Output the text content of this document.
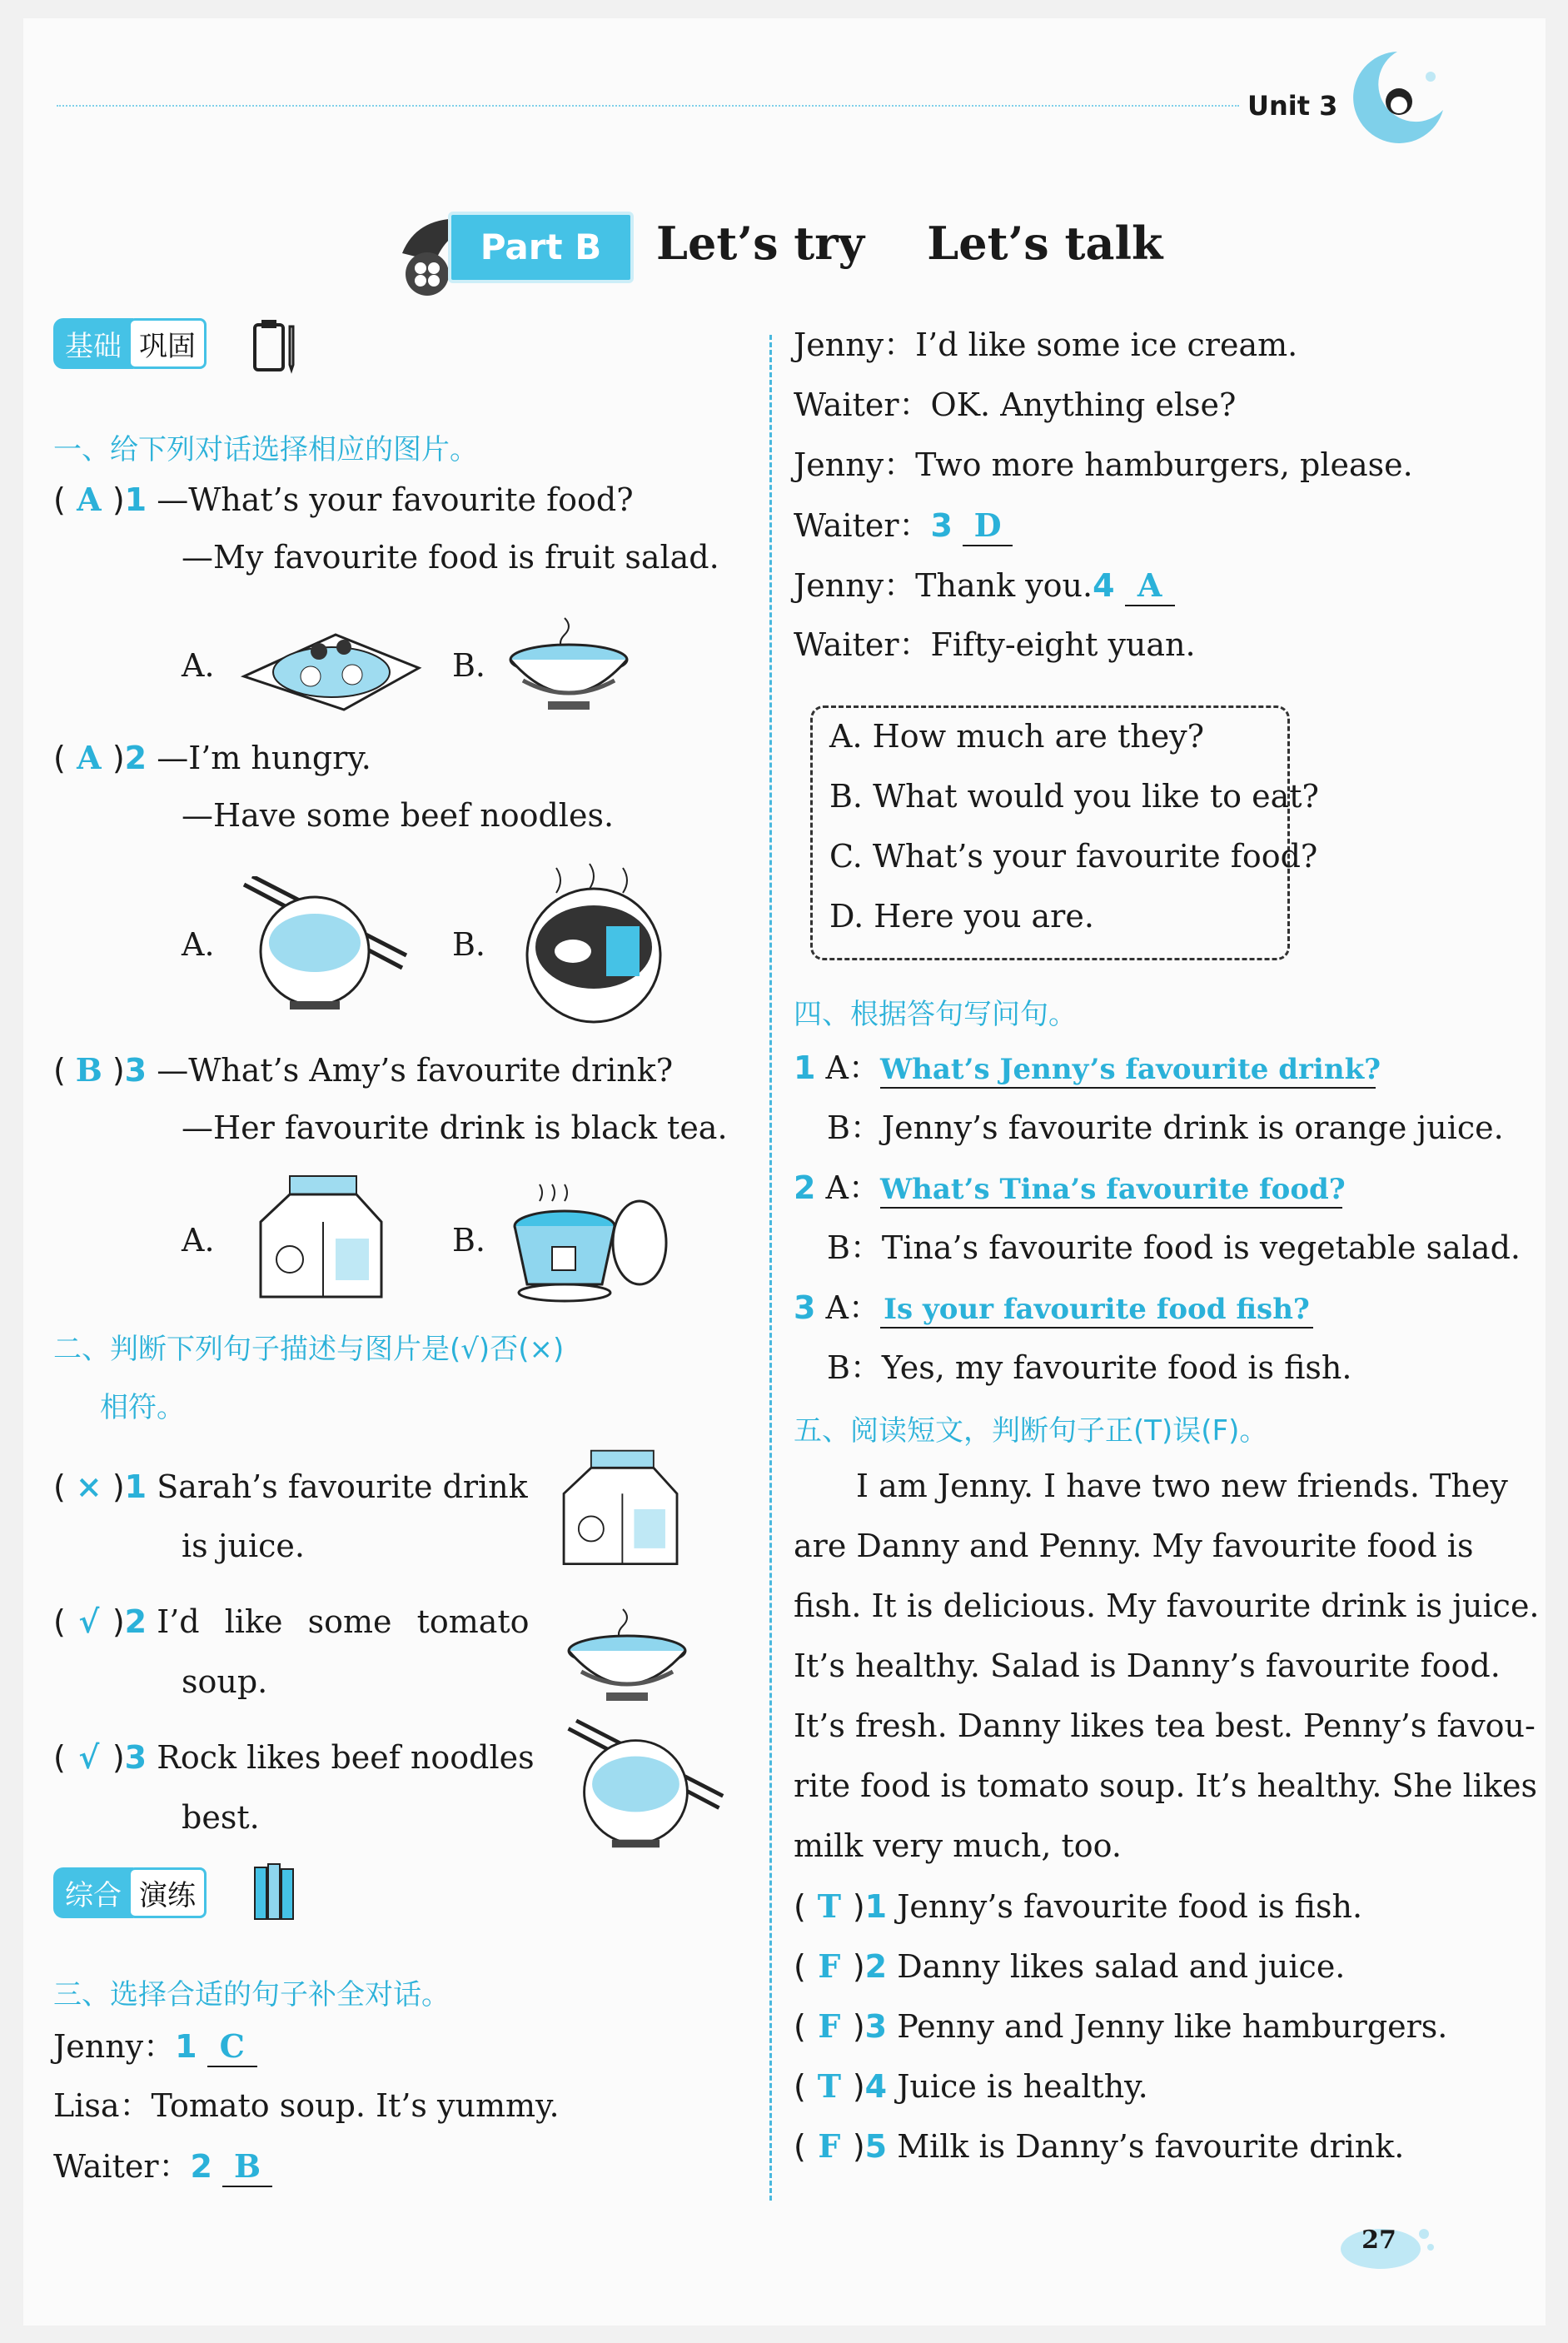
Unit 3
Part B	Let’s try    Let’s talk
基础 巩固
一、给下列对话选择相应的图片。
( A )1 —What’s your favourite food?
—My favourite food is fruit salad.
A.	B.
( A )2 —I’m hungry.
—Have some beef noodles.
A.	B.
( B )3 —What’s Amy’s favourite drink?
—Her favourite drink is black tea.
A.	B.
二、判断下列句子描述与图片是(√)否(×)
相符。
( × )1 Sarah’s favourite drink
is juice.
( √ )2 I’d like some tomato
soup.
( √ )3 Rock likes beef noodles
best.
综合 演练
三、选择合适的句子补全对话。
Jenny：1 C
Lisa：Tomato soup. It’s yummy.
Waiter：2 B
Jenny：I’d like some ice cream.
Waiter：OK. Anything else?
Jenny：Two more hamburgers, please.
Waiter：3 D
Jenny：Thank you.4 A
Waiter：Fifty-eight yuan.
A. How much are they?
B. What would you like to eat?
C. What’s your favourite food?
D. Here you are.
四、根据答句写问句。
1 A：What’s Jenny’s favourite drink?
B：Jenny’s favourite drink is orange juice.
2 A：What’s Tina’s favourite food?
B：Tina’s favourite food is vegetable salad.
3 A： Is your favourite food fish?
B：Yes, my favourite food is fish.
五、阅读短文，判断句子正(T)误(F)。
I am Jenny. I have two new friends. They
are Danny and Penny. My favourite food is
fish. It is delicious. My favourite drink is juice.
It’s healthy. Salad is Danny’s favourite food.
It’s fresh. Danny likes tea best. Penny’s favou-
rite food is tomato soup. It’s healthy. She likes
milk very much, too.
( T )1 Jenny’s favourite food is fish.
( F )2 Danny likes salad and juice.
( F )3 Penny and Jenny like hamburgers.
( T )4 Juice is healthy.
( F )5 Milk is Danny’s favourite drink.
27
